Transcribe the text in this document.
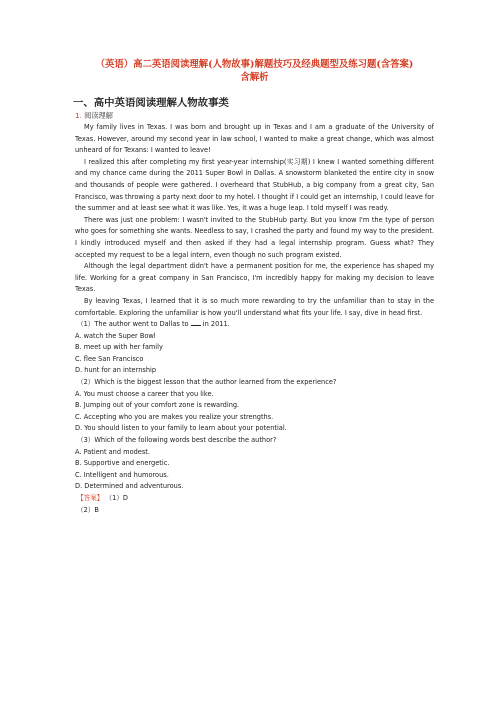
（英语）高二英语阅读理解(人物故事)解题技巧及经典题型及练习题(含答案)
含解析

一、高中英语阅读理解人物故事类
1. 阅读理解

My family lives in Texas. I was born and brought up in Texas and I am a graduate of the University of Texas. However, around my second year in law school, I wanted to make a great change, which was almost unheard of for Texans: I wanted to leave!

I realized this after completing my first year-year internship(实习期) I knew I wanted something different and my chance came during the 2011 Super Bowl in Dallas. A snowstorm blanketed the entire city in snow and thousands of people were gathered. I overheard that StubHub, a big company from a great city, San Francisco, was throwing a party next door to my hotel. I thought if I could get an internship, I could leave for the summer and at least see what it was like. Yes, it was a huge leap. I told myself I was ready.

There was just one problem: I wasn't invited to the StubHub party. But you know I'm the type of person who goes for something she wants. Needless to say, I crashed the party and found my way to the president. I kindly introduced myself and then asked if they had a legal internship program. Guess what? They accepted my request to be a legal intern, even though no such program existed.

Although the legal department didn't have a permanent position for me, the experience has shaped my life. Working for a great company in San Francisco, I'm incredibly happy for making my decision to leave Texas.

By leaving Texas, I learned that it is so much more rewarding to try the unfamiliar than to stay in the comfortable. Exploring the unfamiliar is how you'll understand what fits your life. I say, dive in head first.

（1）The author went to Dallas to in 2011.

A. watch the Super Bowl

B. meet up with her family

C. flee San Francisco

D. hunt for an internship

（2）Which is the biggest lesson that the author learned from the experience?

A. You must choose a career that you like.

B. Jumping out of your comfort zone is rewarding.

C. Accepting who you are makes you realize your strengths.

D. You should listen to your family to learn about your potential.

（3）Which of the following words best describe the author?

A. Patient and modest.

B. Supportive and energetic.

C. Intelligent and humorous.

D. Determined and adventurous.

【答案】 （1）D

（2）B
